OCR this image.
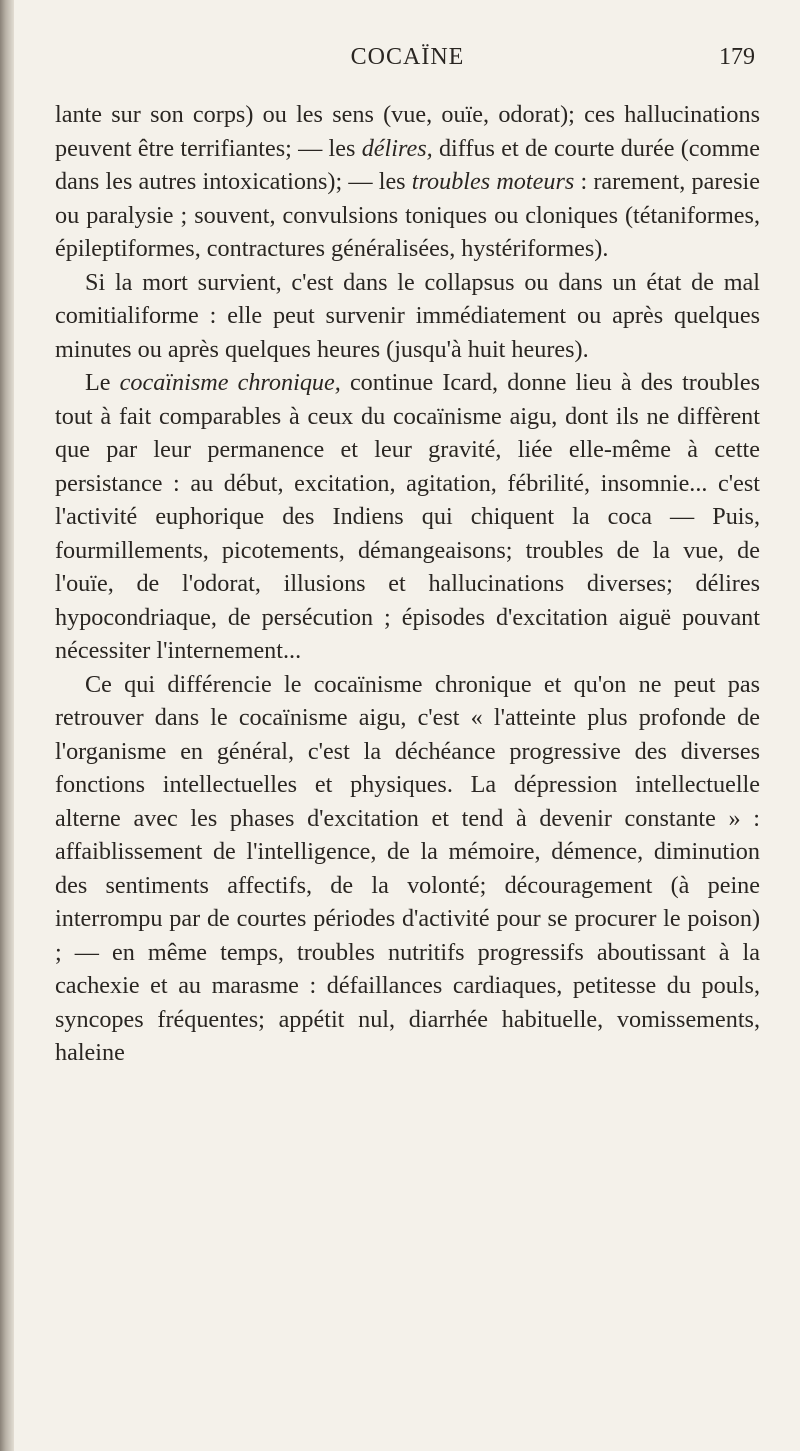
COCAÏNE	179

lante sur son corps) ou les sens (vue, ouïe, odorat); ces hallucinations peuvent être terrifiantes; — les délires, diffus et de courte durée (comme dans les autres intoxications); — les troubles moteurs : rarement, paresie ou paralysie ; souvent, convulsions toniques ou cloniques (tétaniformes, épileptiformes, contractures généralisées, hystériformes).

Si la mort survient, c'est dans le collapsus ou dans un état de mal comitialiforme : elle peut survenir immédiatement ou après quelques minutes ou après quelques heures (jusqu'à huit heures).

Le cocaïnisme chronique, continue Icard, donne lieu à des troubles tout à fait comparables à ceux du cocaïnisme aigu, dont ils ne diffèrent que par leur permanence et leur gravité, liée elle-même à cette persistance : au début, excitation, agitation, fébrilité, insomnie... c'est l'activité euphorique des Indiens qui chiquent la coca — Puis, fourmillements, picotements, démangeaisons; troubles de la vue, de l'ouïe, de l'odorat, illusions et hallucinations diverses; délires hypocondriaque, de persécution ; épisodes d'excitation aiguë pouvant nécessiter l'internement...

Ce qui différencie le cocaïnisme chronique et qu'on ne peut pas retrouver dans le cocaïnisme aigu, c'est « l'atteinte plus profonde de l'organisme en général, c'est la déchéance progressive des diverses fonctions intellectuelles et physiques. La dépression intellectuelle alterne avec les phases d'excitation et tend à devenir constante » : affaiblissement de l'intelligence, de la mémoire, démence, diminution des sentiments affectifs, de la volonté; découragement (à peine interrompu par de courtes périodes d'activité pour se procurer le poison) ; — en même temps, troubles nutritifs progressifs aboutissant à la cachexie et au marasme : défaillances cardiaques, petitesse du pouls, syncopes fréquentes; appétit nul, diarrhée habituelle, vomissements, haleine
